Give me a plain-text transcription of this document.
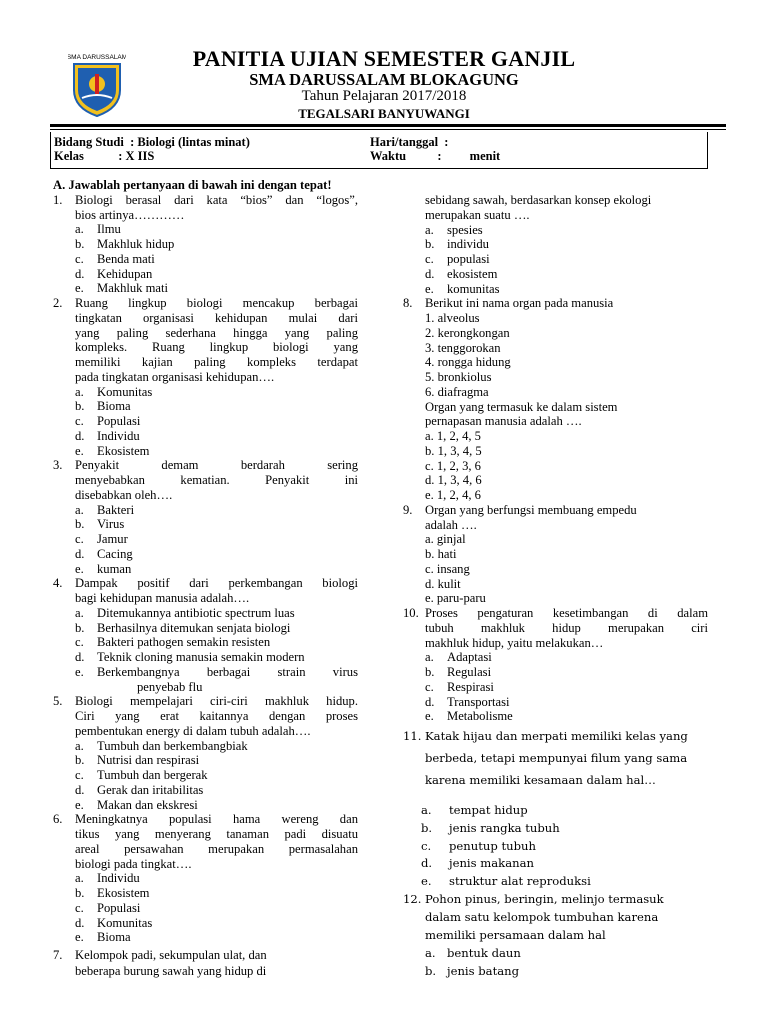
SMA DARUSSALAM	PANITIA UJIAN SEMESTER GANJIL
SMA DARUSSALAM BLOKAGUNG
Tahun Pelajaran 2017/2018
TEGALSARI BANYUWANGI
Bidang Studi  : Biologi (lintas minat)
Kelas           : X IIS
Hari/tanggal  :
Waktu          :         menit
A. Jawablah pertanyaan di bawah ini dengan tepat!
1. Biologi berasal dari kata “bios” dan “logos”,
bios artinya…………
a.	Ilmu
b. Makhluk hidup
c.	Benda mati
d. Kehidupan
e.	Makhluk mati
2. Ruang lingkup biologi mencakup berbagai
tingkatan organisasi kehidupan mulai dari
yang paling sederhana hingga yang paling
kompleks. Ruang lingkup biologi yang
memiliki kajian paling kompleks terdapat
pada tingkatan organisasi kehidupan….
a.	Komunitas
b. Bioma
c.	Populasi
d. Individu
e.	Ekosistem
3. Penyakit demam berdarah sering
menyebabkan kematian. Penyakit ini
disebabkan oleh….
a.	Bakteri
b. Virus
c.	Jamur
d. Cacing
e.	kuman
4. Dampak positif dari perkembangan biologi
bagi kehidupan manusia adalah….
a.	Ditemukannya antibiotic spectrum luas
b. Berhasilnya ditemukan senjata biologi
c.	Bakteri pathogen semakin resisten
d. Teknik cloning manusia semakin modern
e.	Berkembangnya berbagai strain virus
penyebab flu
5. Biologi mempelajari ciri-ciri makhluk hidup.
Ciri yang erat kaitannya dengan proses
pembentukan energy di dalam tubuh adalah….
a.	Tumbuh dan berkembangbiak
b. Nutrisi dan respirasi
c.	Tumbuh dan bergerak
d. Gerak dan iritabilitas
e.	Makan dan ekskresi
6. Meningkatnya populasi hama wereng dan
tikus yang menyerang tanaman padi disuatu
areal persawahan merupakan permasalahan
biologi pada tingkat….
a.	Individu
b. Ekosistem
c.	Populasi
d. Komunitas
e.	Bioma
7. Kelompok padi, sekumpulan ulat, dan
beberapa burung sawah yang hidup di
sebidang sawah, berdasarkan konsep ekologi
merupakan suatu ….
a.	spesies
b. individu
c.	populasi
d. ekosistem
e.	komunitas
8. Berikut ini nama organ pada manusia
1. alveolus
2. kerongkongan
3. tenggorokan
4. rongga hidung
5. bronkiolus
6. diafragma
Organ yang termasuk ke dalam sistem
pernapasan manusia adalah ….
a. 1, 2, 4, 5
b. 1, 3, 4, 5
c. 1, 2, 3, 6
d. 1, 3, 4, 6
e. 1, 2, 4, 6
9. Organ yang berfungsi membuang empedu
adalah ….
a. ginjal
b. hati
c. insang
d. kulit
e. paru-paru
10. Proses pengaturan kesetimbangan di dalam
tubuh makhluk hidup merupakan ciri
makhluk hidup, yaitu melakukan…
a.	Adaptasi
b. Regulasi
c.	Respirasi
d. Transportasi
e.	Metabolisme
11. Katak hijau dan merpati memiliki kelas yang
berbeda, tetapi mempunyai filum yang sama
karena memiliki kesamaan dalam hal…
a.	tempat hidup
b.	jenis rangka tubuh
c.	penutup tubuh
d.	jenis makanan
e.	struktur alat reproduksi
12. Pohon pinus, beringin, melinjo termasuk
dalam satu kelompok tumbuhan karena
memiliki persamaan dalam hal
a. bentuk daun
b. jenis batang
